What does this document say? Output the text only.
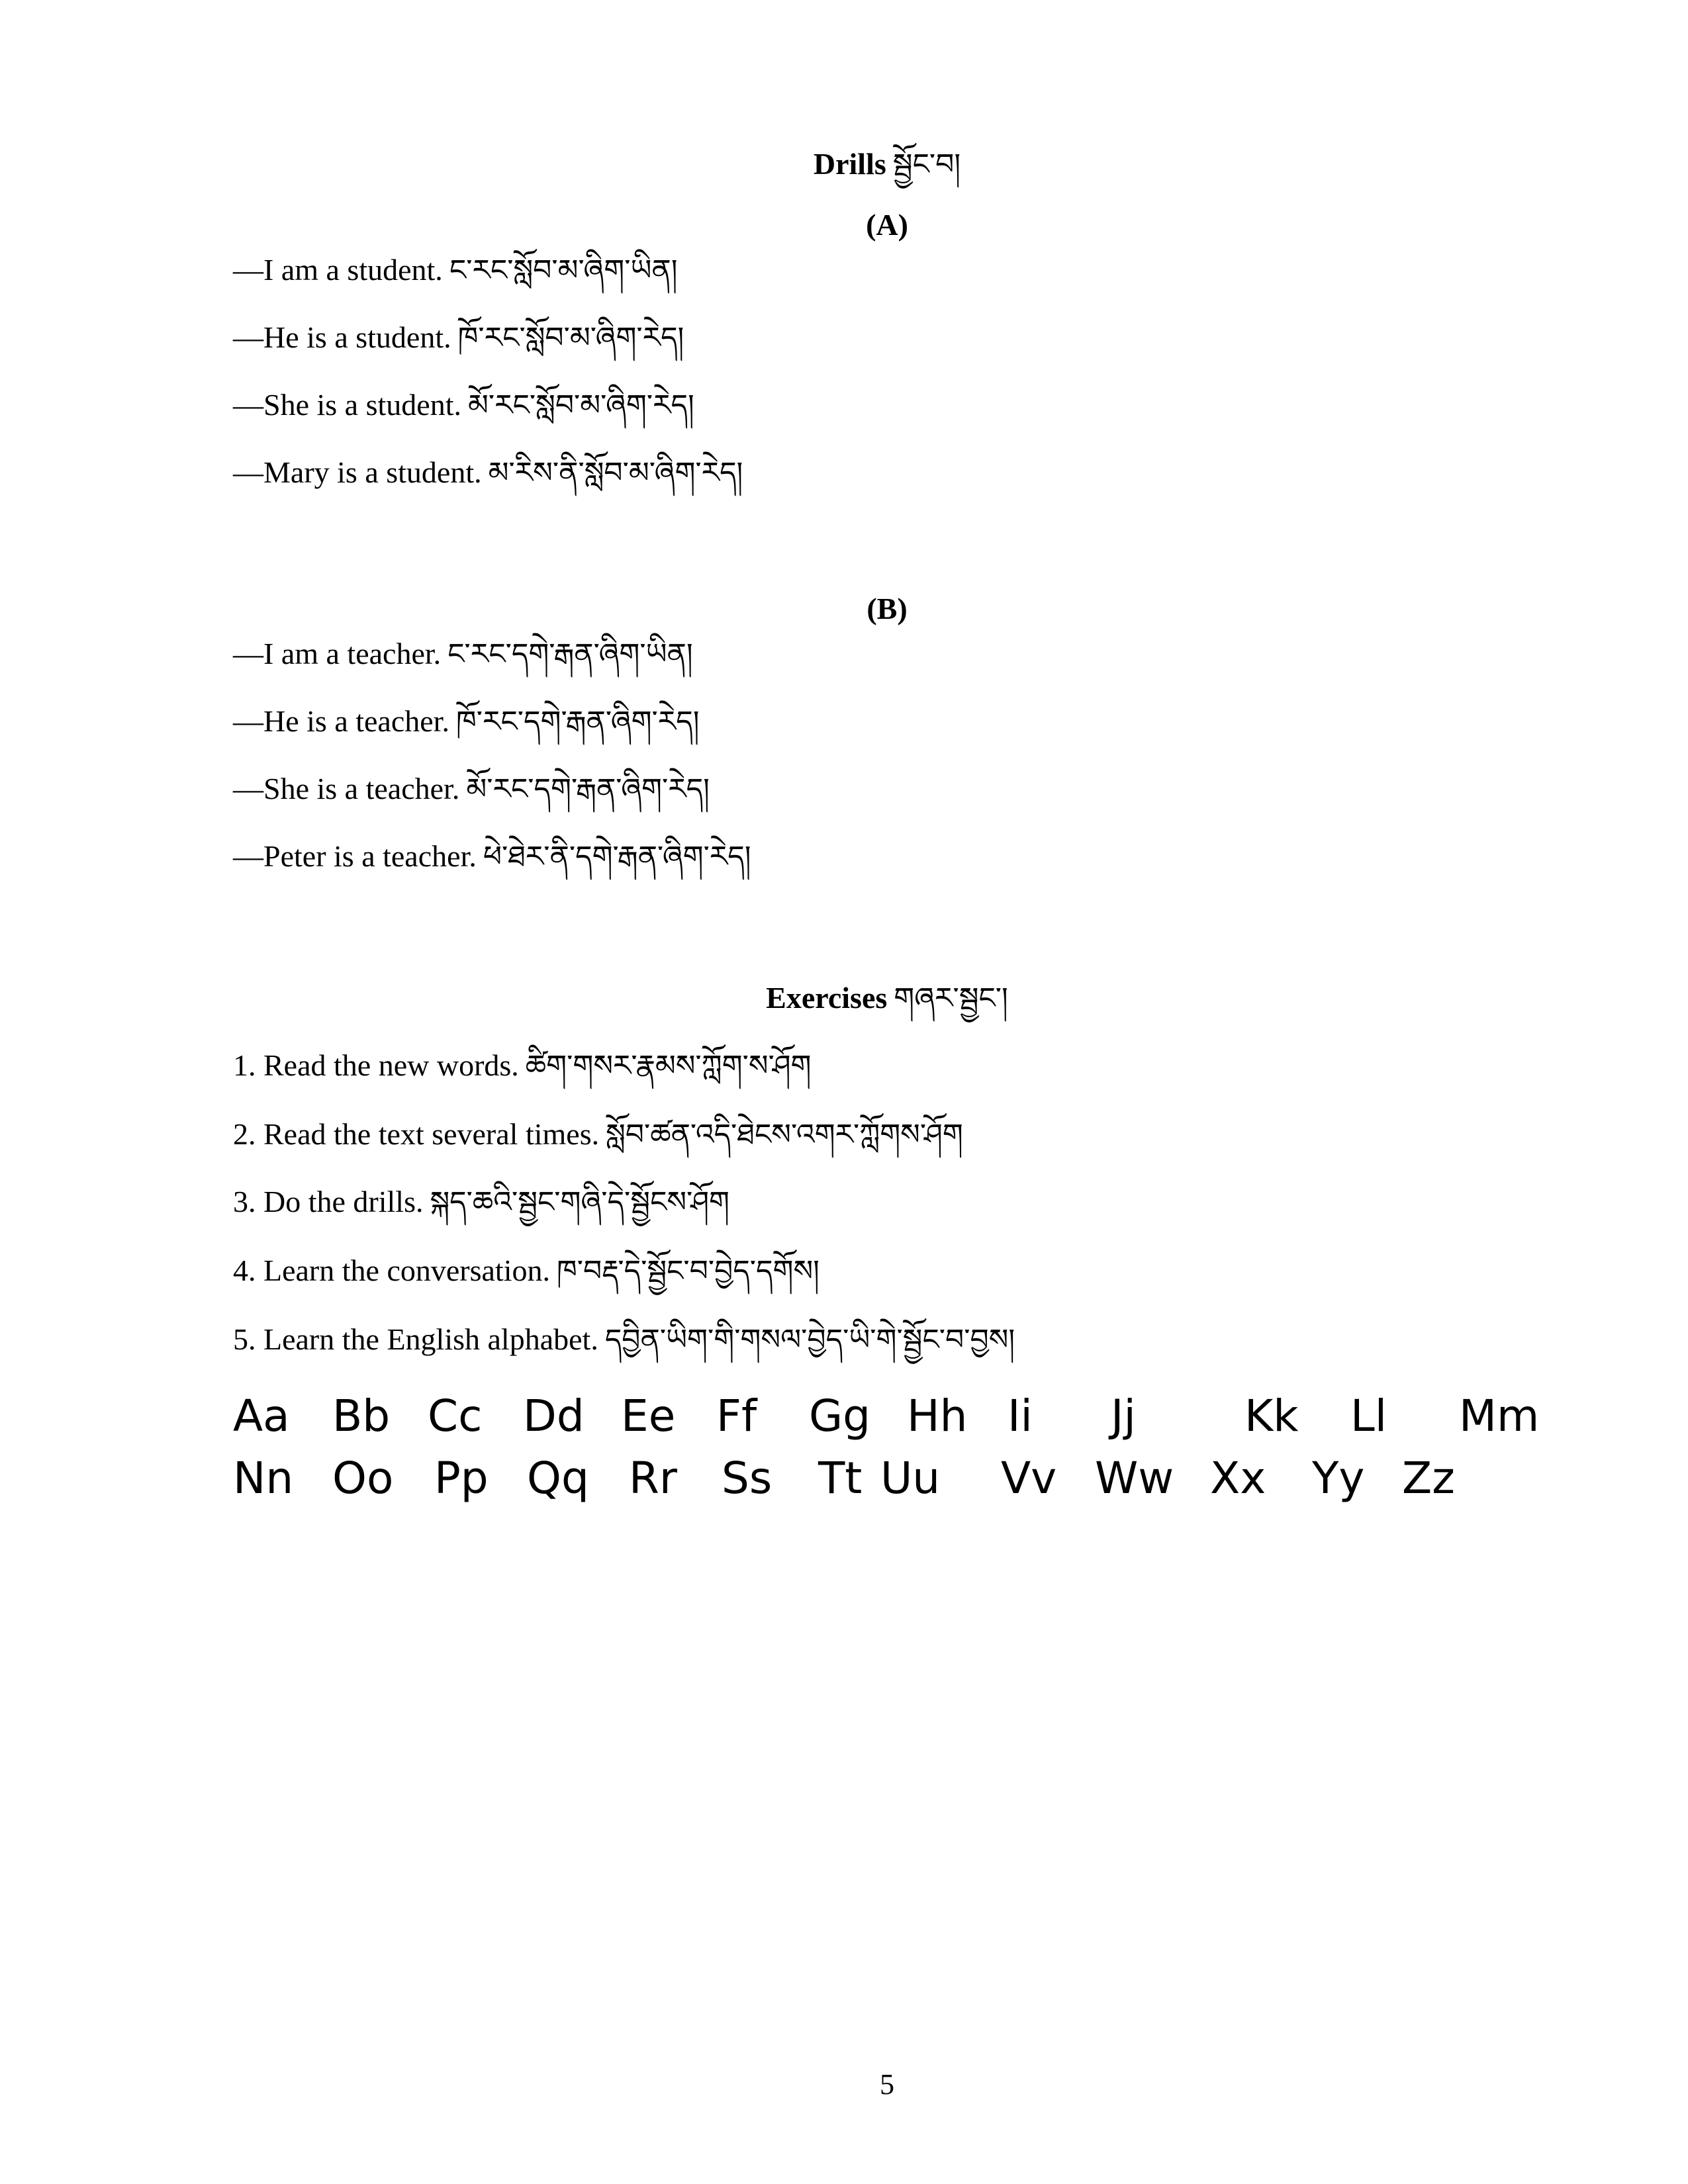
Drills སྦྱོང་བ།
(A)
—I am a student. ང་རང་སློབ་མ་ཞིག་ཡིན།
—He is a student. ཁོ་རང་སློབ་མ་ཞིག་རེད།
—She is a student. མོ་རང་སློབ་མ་ཞིག་རེད།
—Mary is a student. མ་རིས་ནི་སློབ་མ་ཞིག་རེད།
(B)
—I am a teacher. ང་རང་དགེ་རྒན་ཞིག་ཡིན།
—He is a teacher. ཁོ་རང་དགེ་རྒན་ཞིག་རེད།
—She is a teacher. མོ་རང་དགེ་རྒན་ཞིག་རེད།
—Peter is a teacher. ཕེ་ཐེར་ནི་དགེ་རྒན་ཞིག་རེད།
Exercises གཞར་སྦྱང་།
1. Read the new words. ཚིག་གསར་རྣམས་ཀློག་ས་ཤོག
2. Read the text several times. སློབ་ཚན་འདི་ཐེངས་འགར་ཀློགས་ཤོག
3. Do the drills. སྐད་ཆའི་སྦྱང་གཞི་དེ་སྦྱོངས་ཤོག
4. Learn the conversation. ཁ་བརྡ་དེ་སྦྱོང་བ་བྱེད་དགོས།
5. Learn the English alphabet. དབྱིན་ཡིག་གི་གསལ་བྱེད་ཡི་གེ་སྦྱོང་བ་བྱས།
Aa Bb Cc Dd Ee Ff Gg Hh Ii Jj Kk Ll Mm
Nn Oo Pp Qq Rr Ss Tt Uu Vv Ww Xx Yy Zz
5
